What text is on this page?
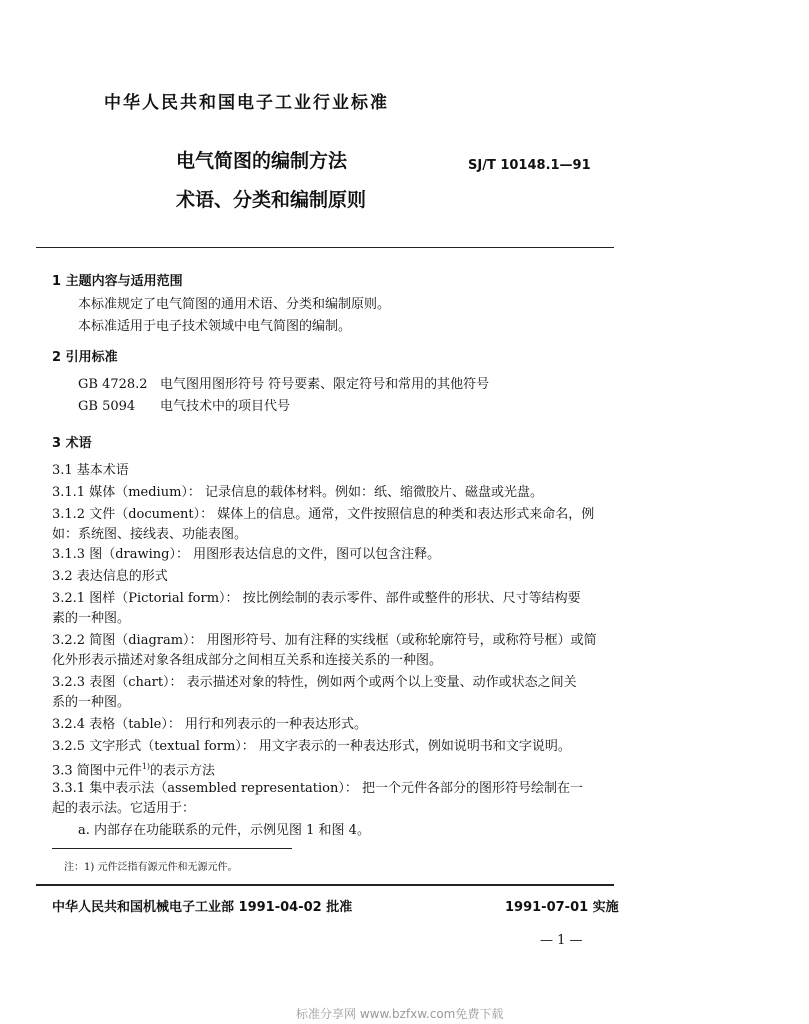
中华人民共和国电子工业行业标准
电气简图的编制方法
术语、分类和编制原则
SJ/T 10148.1—91
1 主题内容与适用范围
本标准规定了电气简图的通用术语、分类和编制原则。
本标准适用于电子技术领域中电气简图的编制。
2 引用标准
GB 4728.2 电气图用图形符号 符号要素、限定符号和常用的其他符号
GB 5094 电气技术中的项目代号
3 术语
3.1 基本术语
3.1.1 媒体（medium）： 记录信息的载体材料。例如：纸、缩微胶片、磁盘或光盘。
3.1.2 文件（document）： 媒体上的信息。通常，文件按照信息的种类和表达形式来命名，例
如：系统图、接线表、功能表图。
3.1.3 图（drawing）： 用图形表达信息的文件，图可以包含注释。
3.2 表达信息的形式
3.2.1 图样（Pictorial form）： 按比例绘制的表示零件、部件或整件的形状、尺寸等结构要
素的一种图。
3.2.2 简图（diagram）： 用图形符号、加有注释的实线框（或称轮廓符号，或称符号框）或简
化外形表示描述对象各组成部分之间相互关系和连接关系的一种图。
3.2.3 表图（chart）： 表示描述对象的特性，例如两个或两个以上变量、动作或状态之间关
系的一种图。
3.2.4 表格（table）： 用行和列表示的一种表达形式。
3.2.5 文字形式（textual form）： 用文字表示的一种表达形式，例如说明书和文字说明。
3.3 简图中元件$^{1)}$的表示方法
3.3.1 集中表示法（assembled representation）： 把一个元件各部分的图形符号绘制在一
起的表示法。它适用于：
a. 内部存在功能联系的元件，示例见图 1 和图 4。
注：1) 元件泛指有源元件和无源元件。
中华人民共和国机械电子工业部 1991-04-02 批准	1991-07-01 实施
— 1 —
标准分享网 www.bzfxw.com免费下载
